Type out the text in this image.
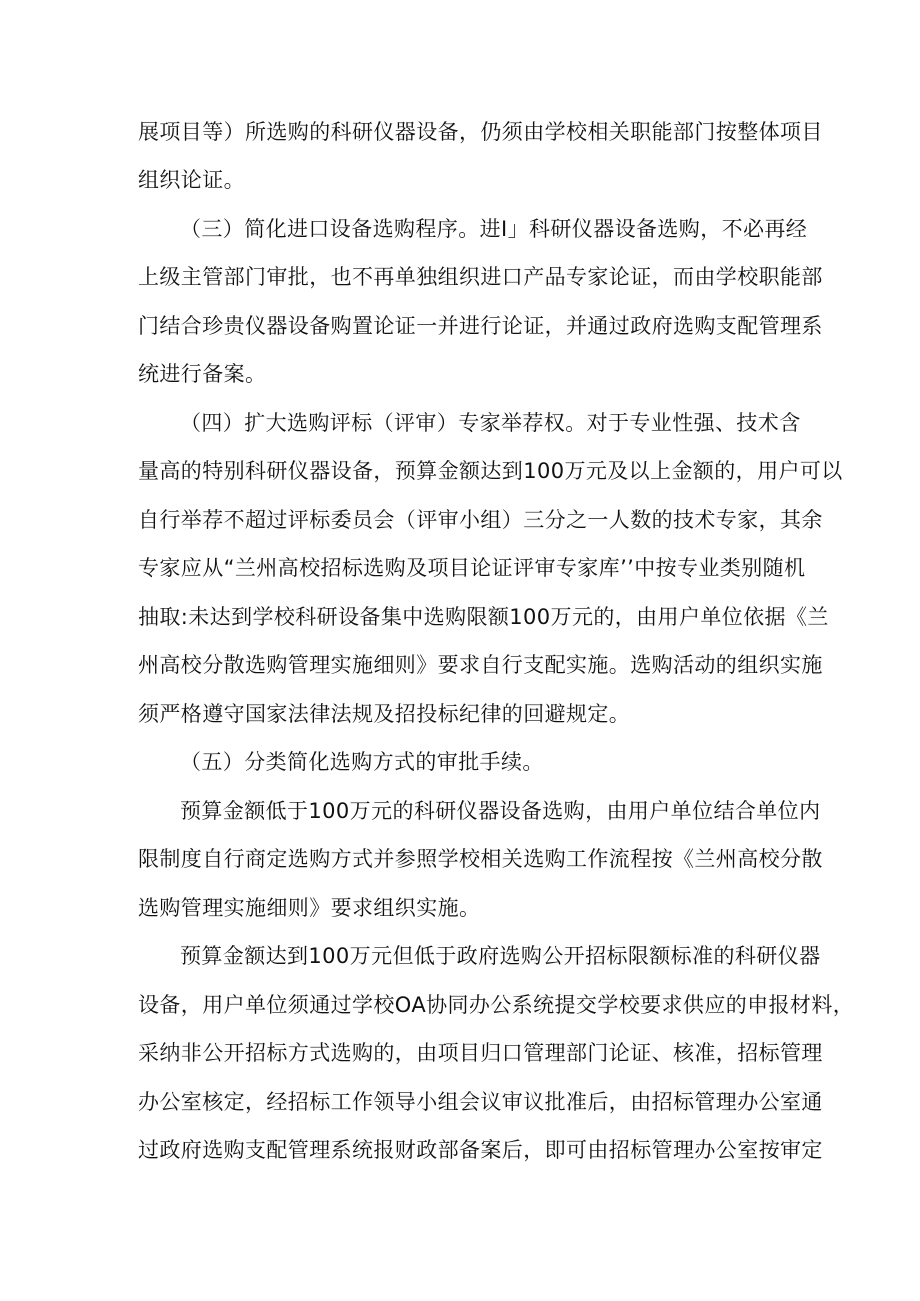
展项目等）所选购的科研仪器设备，仍须由学校相关职能部门按整体项目
组织论证。
（三）简化进口设备选购程序。进I」科研仪器设备选购，不必再经
上级主管部门审批，也不再单独组织进口产品专家论证，而由学校职能部
门结合珍贵仪器设备购置论证一并进行论证，并通过政府选购支配管理系
统进行备案。
（四）扩大选购评标（评审）专家举荐权。对于专业性强、技术含
量高的特别科研仪器设备，预算金额达到100万元及以上金额的，用户可以
自行举荐不超过评标委员会（评审小组）三分之一人数的技术专家，其余
专家应从“兰州高校招标选购及项目论证评审专家库’’中按专业类别随机
抽取:未达到学校科研设备集中选购限额100万元的，由用户单位依据《兰
州高校分散选购管理实施细则》要求自行支配实施。选购活动的组织实施
须严格遵守国家法律法规及招投标纪律的回避规定。
（五）分类简化选购方式的审批手续。
预算金额低于100万元的科研仪器设备选购，由用户单位结合单位内
限制度自行商定选购方式并参照学校相关选购工作流程按《兰州高校分散
选购管理实施细则》要求组织实施。
预算金额达到100万元但低于政府选购公开招标限额标准的科研仪器
设备，用户单位须通过学校OA协同办公系统提交学校要求供应的申报材料，
采纳非公开招标方式选购的，由项目归口管理部门论证、核准，招标管理
办公室核定，经招标工作领导小组会议审议批准后，由招标管理办公室通
过政府选购支配管理系统报财政部备案后，即可由招标管理办公室按审定
